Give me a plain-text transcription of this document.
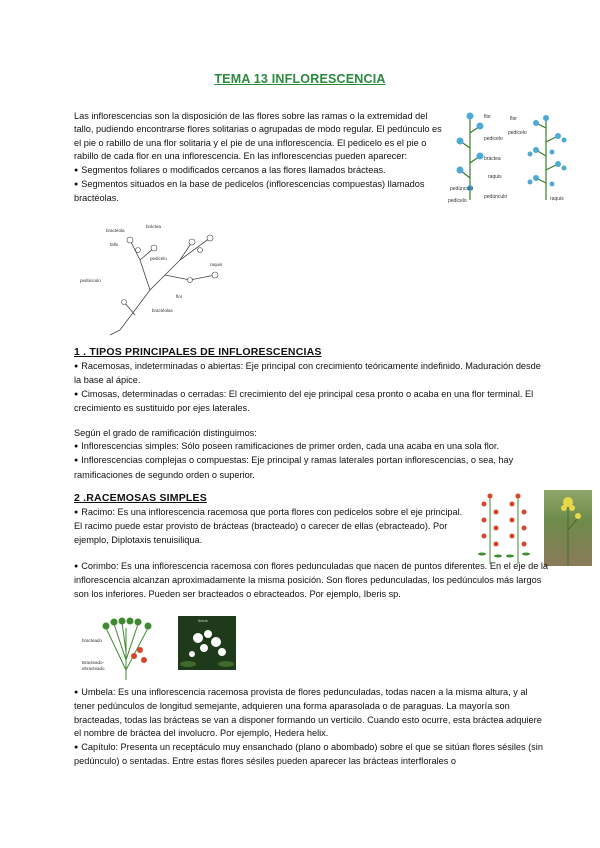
TEMA 13 INFLORESCENCIA

Las inflorescencias son la disposición de las flores sobre las ramas o la extremidad del tallo, pudiendo encontrarse flores solitarias o agrupadas de modo regular. El pedúnculo es el pie o rabillo de una flor solitaria y el pie de una inflorescencia. El pedicelo es el pie o rabillo de cada flor en una inflorescencia. En las inflorescencias pueden aparecer:

● Segmentos foliares o modificados cercanos a las flores llamados brácteas.

● Segmentos situados en la base de pedicelos (inflorescencias compuestas) llamados bractéolas.

flor
pedicelo
bráctea
flor
pedicelo
pedúnculo
raquis
pedicelo
pedúnculo	raquis
bráctea
bractéola
tallo
pedicelo
pedúnculo
raquis
flor
bractéolas
1 . TIPOS PRINCIPALES DE INFLORESCENCIAS

● Racemosas, indeterminadas o abiertas: Eje principal con crecimiento teóricamente indefinido. Maduración desde la base al ápice.

● Cimosas, determinadas o cerradas: El crecimiento del eje principal cesa pronto o acaba en una flor terminal. El crecimiento es sustituido por ejes laterales.

Según el grado de ramificación distinguimos:

● Inflorescencias simples: Sólo poseen ramificaciones de primer orden, cada una acaba en una sola flor.

● Inflorescencias complejas o compuestas: Eje principal y ramas laterales portan inflorescencias, o sea, hay ramificaciones de segundo orden o superior.

2 .RACEMOSAS SIMPLES

● Racimo: Es una inflorescencia racemosa que porta flores con pedicelos sobre el eje principal. El racimo puede estar provisto de brácteas (bracteado) o carecer de ellas (ebracteado). Por ejemplo, Diplotaxis tenuisiliqua.

● Corimbo: Es una inflorescencia racemosa con flores pedunculadas que nacen de puntos diferentes. En el eje de la inflorescencia alcanzan aproximadamente la misma posición. Son flores pedunculadas, los pedúnculos más largos son los inferiores. Pueden ser bracteados o ebracteados. Por ejemplo, Iberis sp.

bracteado
Bracteado-
ebracteado
Iberis

● Umbela: Es una inflorescencia racemosa provista de flores pedunculadas, todas nacen a la misma altura, y al tener pedúnculos de longitud semejante, adquieren una forma aparasolada o de paraguas. La mayoría son bracteadas, todas las brácteas se van a disponer formando un verticilo. Cuando esto ocurre, esta bráctea adquiere el nombre de bráctea del involucro. Por ejemplo, Hedera helix.

● Capítulo: Presenta un receptáculo muy ensanchado (plano o abombado) sobre el que se sitúan flores sésiles (sin pedúnculo) o sentadas. Entre estas flores sésiles pueden aparecer las brácteas interflorales o
